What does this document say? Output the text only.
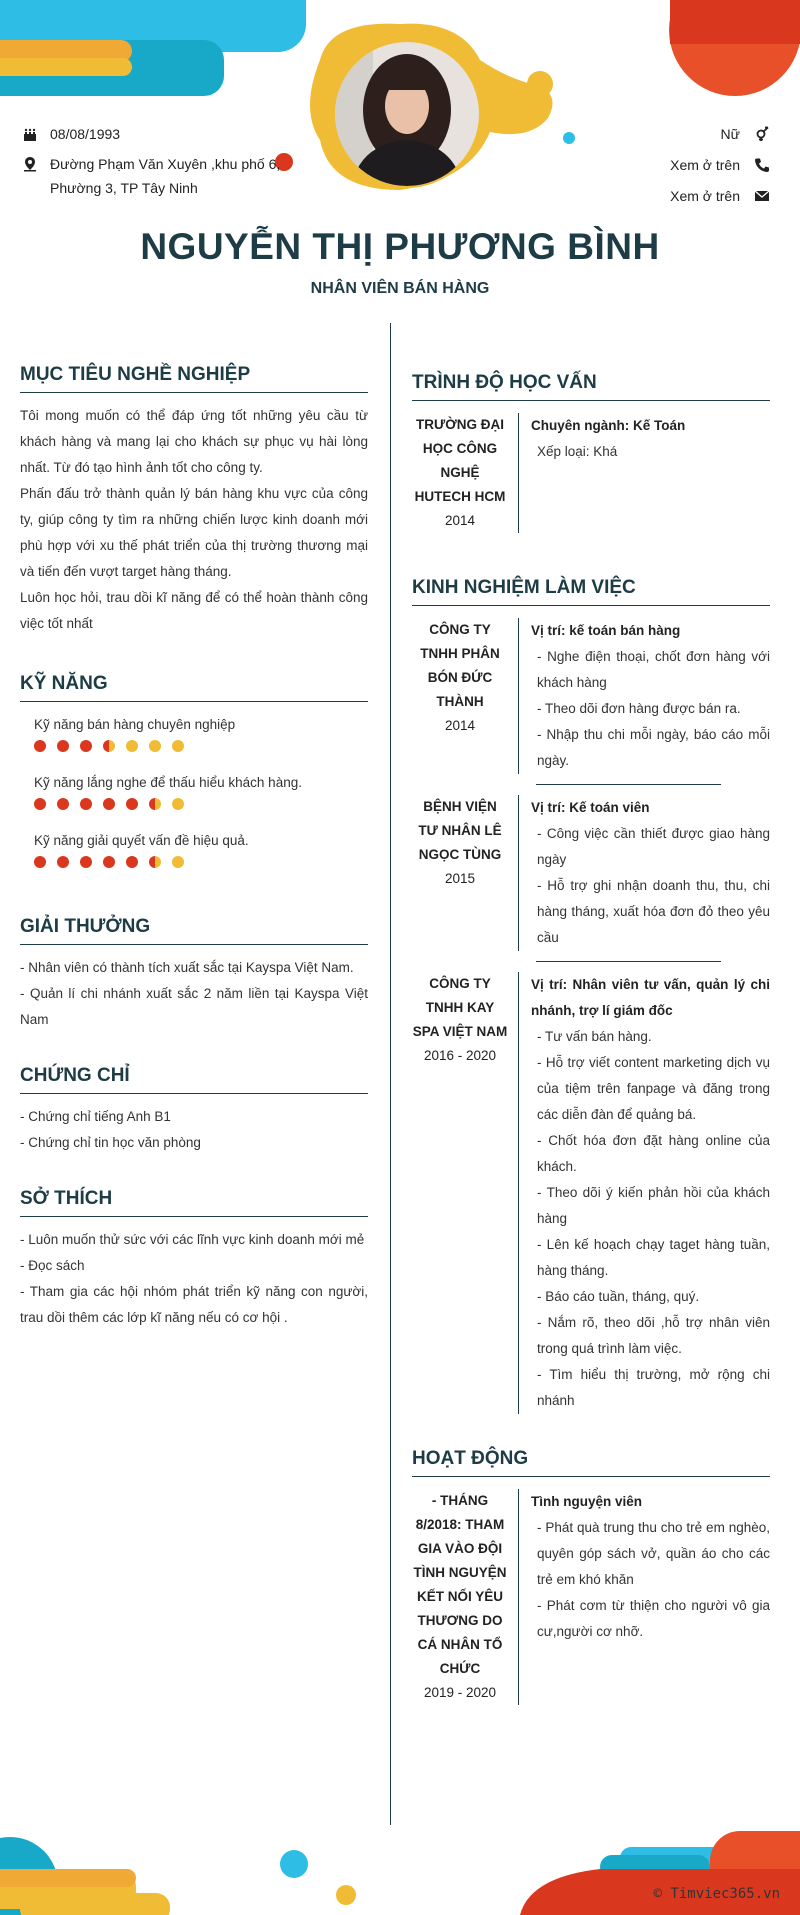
08/08/1993
Đường Phạm Văn Xuyên ,khu phố 6,
Phường 3, TP Tây Ninh
Nữ
Xem ở trên
Xem ở trên
NGUYỄN THỊ PHƯƠNG BÌNH
NHÂN VIÊN BÁN HÀNG
MỤC TIÊU NGHỀ NGHIỆP
Tôi mong muốn có thể đáp ứng tốt những yêu cầu từ khách hàng và mang lại cho khách sự phục vụ hài lòng nhất. Từ đó tạo hình ảnh tốt cho công ty.
Phấn đấu trở thành quản lý bán hàng khu vực của công ty, giúp công ty tìm ra những chiến lược kinh doanh mới phù hợp với xu thế phát triển của thị trường thương mại và tiến đến vượt target hàng tháng.
Luôn học hỏi, trau dồi kĩ năng để có thể hoàn thành công việc tốt nhất
KỸ NĂNG
Kỹ năng bán hàng chuyên nghiệp
Kỹ năng lắng nghe để thấu hiểu khách hàng.
Kỹ năng giải quyết vấn đề hiệu quả.
GIẢI THƯỞNG
- Nhân viên có thành tích xuất sắc tại Kayspa Việt Nam.
- Quản lí chi nhánh xuất sắc 2 năm liền tại Kayspa Việt Nam
CHỨNG CHỈ
- Chứng chỉ tiếng Anh B1
- Chứng chỉ tin học văn phòng
SỞ THÍCH
- Luôn muốn thử sức với các lĩnh vực kinh doanh mới mẻ
- Đọc sách
- Tham gia các hội nhóm phát triển kỹ năng con người, trau dồi thêm các lớp kĩ năng nếu có cơ hội .
TRÌNH ĐỘ HỌC VẤN
TRƯỜNG ĐẠI HỌC CÔNG NGHỆ HUTECH HCM
2014
Chuyên ngành: Kế Toán
Xếp loại: Khá
KINH NGHIỆM LÀM VIỆC
CÔNG TY TNHH PHÂN BÓN ĐỨC THÀNH
2014
Vị trí: kế toán bán hàng
- Nghe điện thoại, chốt đơn hàng với khách hàng
- Theo dõi đơn hàng được bán ra.
- Nhập thu chi mỗi ngày, báo cáo mỗi ngày.
BỆNH VIỆN TƯ NHÂN LÊ NGỌC TÙNG
2015
Vị trí: Kế toán viên
- Công việc cần thiết được giao hàng ngày
- Hỗ trợ ghi nhận doanh thu, thu, chi hàng tháng, xuất hóa đơn đỏ theo yêu cầu
CÔNG TY TNHH KAY SPA VIỆT NAM
2016 - 2020
Vị trí: Nhân viên tư vấn, quản lý chi nhánh, trợ lí giám đốc
- Tư vấn bán hàng.
- Hỗ trợ viết content marketing dịch vụ của tiệm trên fanpage và đăng trong các diễn đàn để quảng bá.
- Chốt hóa đơn đặt hàng online của khách.
- Theo dõi ý kiến phản hồi của khách hàng
- Lên kế hoạch chạy taget hàng tuần, hàng tháng.
- Báo cáo tuần, tháng, quý.
- Nắm rõ, theo dõi ,hỗ trợ nhân viên trong quá trình làm việc.
- Tìm hiểu thị trường, mở rộng chi nhánh
HOẠT ĐỘNG
- THÁNG 8/2018: THAM GIA VÀO ĐỘI TÌNH NGUYỆN KẾT NỐI YÊU THƯƠNG DO CÁ NHÂN TỔ CHỨC
2019 - 2020
Tình nguyện viên
- Phát quà trung thu cho trẻ em nghèo, quyên góp sách vở, quần áo cho các trẻ em khó khăn
- Phát cơm từ thiện cho người vô gia cư,người cơ nhỡ.
© Timviec365.vn
